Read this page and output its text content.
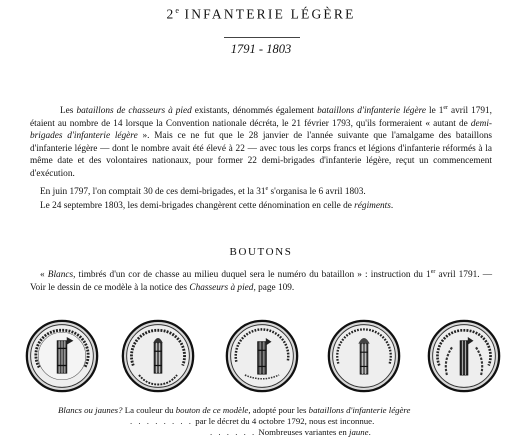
2e INFANTERIE LÉGÈRE
1791 - 1803
Les bataillons de chasseurs à pied existants, dénommés également bataillons d'infanterie légère le 1er avril 1791, étaient au nombre de 14 lorsque la Convention nationale décréta, le 21 février 1793, qu'ils formeraient « autant de demi-brigades d'infanterie légère ». Mais ce ne fut que le 28 janvier de l'année suivante que l'amalgame des bataillons d'infanterie légère — dont le nombre avait été élevé à 22 — avec tous les corps francs et légions d'infanterie réformés à la même date et des volontaires nationaux, pour former 22 demi-brigades d'infanterie légère, reçut un commencement d'exécution.
En juin 1797, l'on comptait 30 de ces demi-brigades, et la 31e s'organisa le 6 avril 1803.
Le 24 septembre 1803, les demi-brigades changèrent cette dénomination en celle de régiments.
BOUTONS
« Blancs, timbrés d'un cor de chasse au milieu duquel sera le numéro du bataillon » : instruction du 1er avril 1791. — Voir le dessin de ce modèle à la notice des Chasseurs à pied, page 109.
Blancs ou jaunes? La couleur du bouton de ce modèle, adopté pour les bataillons d'infanterie légère
. . . . . . . . par le décret du 4 octobre 1792, nous est inconnue.
. . . . . . Nombreuses variantes en jaune.
